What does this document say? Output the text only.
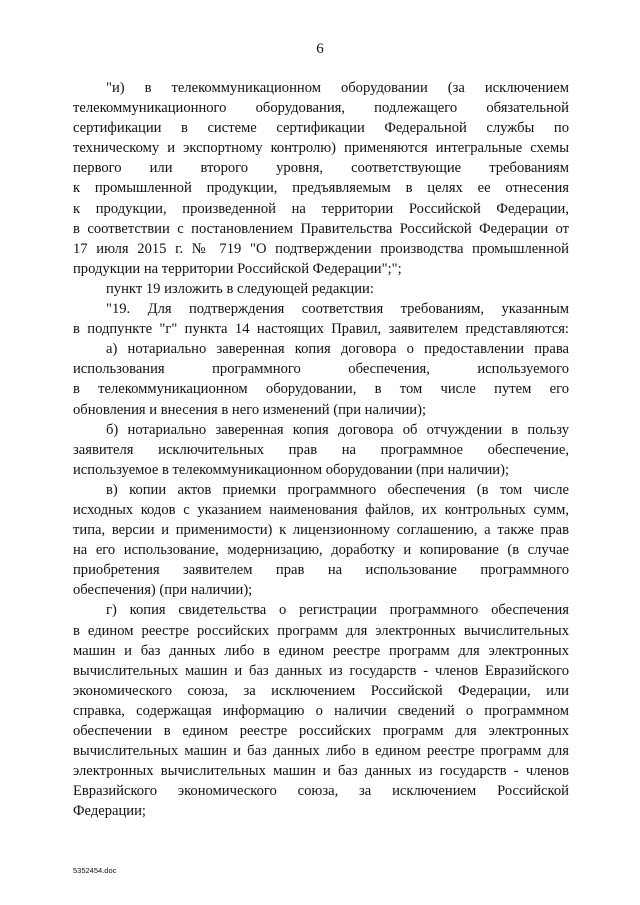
6
"и) в телекоммуникационном оборудовании (за исключением
телекоммуникационного оборудования, подлежащего обязательной
сертификации в системе сертификации Федеральной службы по
техническому и экспортному контролю) применяются интегральные схемы
первого или второго уровня, соответствующие требованиям
к промышленной продукции, предъявляемым в целях ее отнесения
к продукции, произведенной на территории Российской Федерации,
в соответствии с постановлением Правительства Российской Федерации от
17 июля 2015 г. № 719 "О подтверждении производства промышленной
продукции на территории Российской Федерации";";
пункт 19 изложить в следующей редакции:
"19. Для подтверждения соответствия требованиям, указанным
в подпункте "г" пункта 14 настоящих Правил, заявителем представляются:
а) нотариально заверенная копия договора о предоставлении права
использования программного обеспечения, используемого
в телекоммуникационном оборудовании, в том числе путем его
обновления и внесения в него изменений (при наличии);
б) нотариально заверенная копия договора об отчуждении в пользу
заявителя исключительных прав на программное обеспечение,
используемое в телекоммуникационном оборудовании (при наличии);
в) копии актов приемки программного обеспечения (в том числе
исходных кодов с указанием наименования файлов, их контрольных сумм,
типа, версии и применимости) к лицензионному соглашению, а также прав
на его использование, модернизацию, доработку и копирование (в случае
приобретения заявителем прав на использование программного
обеспечения) (при наличии);
г) копия свидетельства о регистрации программного обеспечения
в едином реестре российских программ для электронных вычислительных
машин и баз данных либо в едином реестре программ для электронных
вычислительных машин и баз данных из государств - членов Евразийского
экономического союза, за исключением Российской Федерации, или
справка, содержащая информацию о наличии сведений о программном
обеспечении в едином реестре российских программ для электронных
вычислительных машин и баз данных либо в едином реестре программ для
электронных вычислительных машин и баз данных из государств - членов
Евразийского экономического союза, за исключением Российской
Федерации;
5352454.doc
